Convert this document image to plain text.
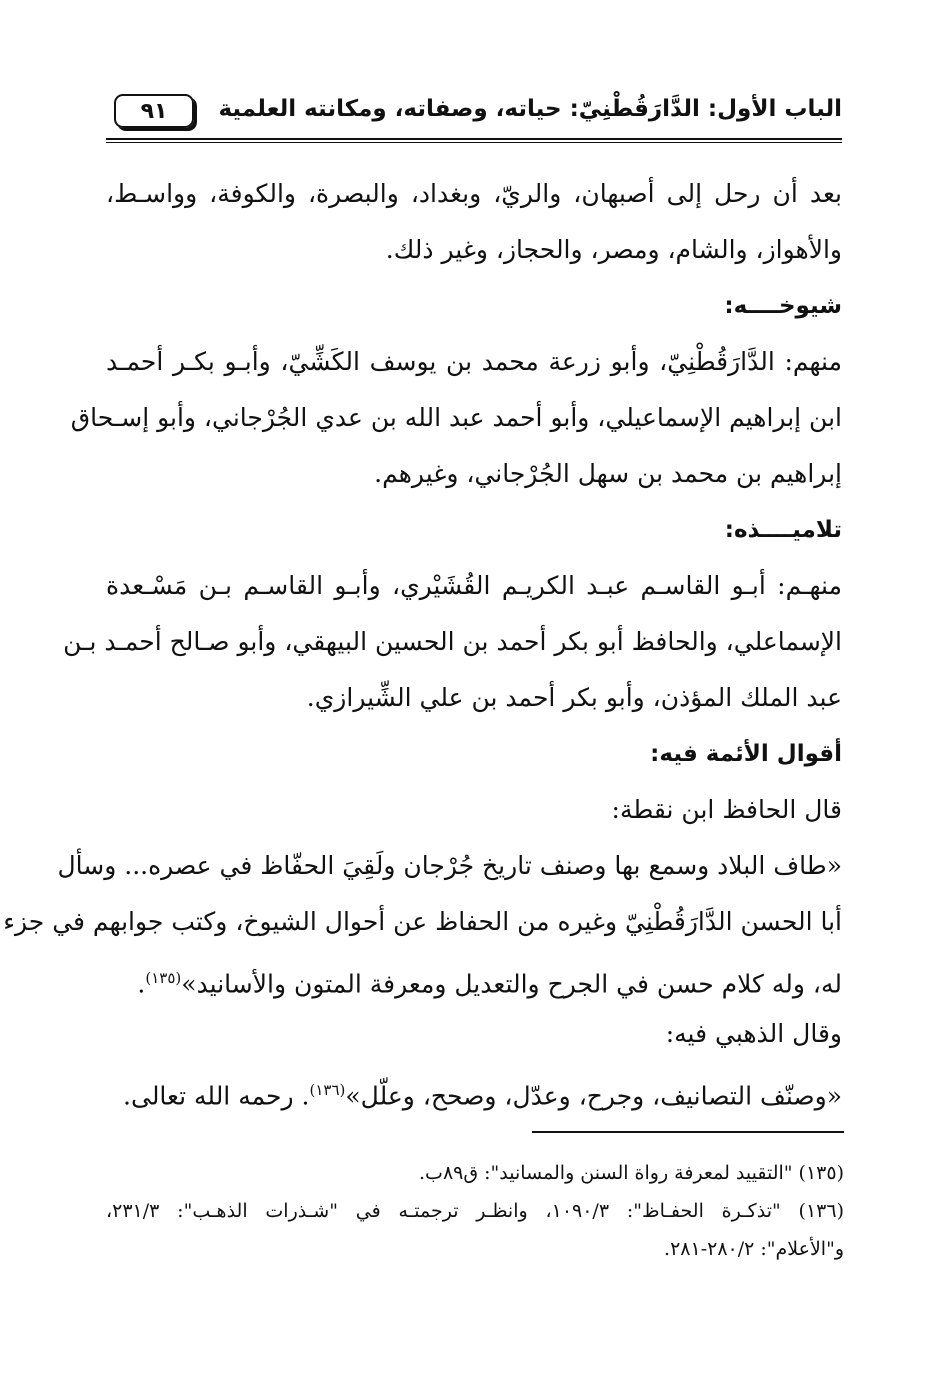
الباب الأول: الدَّارَقُطْنِيّ: حياته، وصفاته، ومكانته العلمية
٩١
بعد أن رحل إلى أصبهان، والريّ، وبغداد، والبصرة، والكوفة، وواسـط،
والأهواز، والشام، ومصر، والحجاز، وغير ذلك.
شيوخــــه:
منهم: الدَّارَقُطْنِيّ، وأبو زرعة محمد بن يوسف الكَشِّيّ، وأبـو بكـر أحمـد
ابن إبراهيم الإسماعيلي، وأبو أحمد عبد الله بن عدي الجُرْجاني، وأبو إسـحاق
إبراهيم بن محمد بن سهل الجُرْجاني، وغيرهم.
تلاميــــذه:
منهـم: أبـو القاسـم عبـد الكريـم القُشَيْري، وأبـو القاسـم بـن مَسْـعدة
الإسماعلي، والحافظ أبو بكر أحمد بن الحسين البيهقي، وأبو صـالح أحمـد بـن
عبد الملك المؤذن، وأبو بكر أحمد بن علي الشِّيرازي.
أقوال الأئمة فيه:
قال الحافظ ابن نقطة:
«طاف البلاد وسمع بها وصنف تاريخ جُرْجان ولَقِيَ الحفّاظ في عصره... وسأل
أبا الحسن الدَّارَقُطْنِيّ وغيره من الحفاظ عن أحوال الشيوخ، وكتب جوابهم في جزء
له، وله كلام حسن في الجرح والتعديل ومعرفة المتون والأسانيد»$^{(١٣٥)}$.
وقال الذهبي فيه:
«وصنّف التصانيف، وجرح، وعدّل، وصحح، وعلّل»$^{(١٣٦)}$. رحمه الله تعالى.
(١٣٥) "التقييد لمعرفة رواة السنن والمسانيد": ق٨٩ب.
(١٣٦) "تذكـرة الحفـاظ": ١٠٩٠/٣، وانظـر ترجمتـه في "شـذرات الذهـب": ٢٣١/٣،
و"الأعلام": ٢٨٠/٢-٢٨١.
